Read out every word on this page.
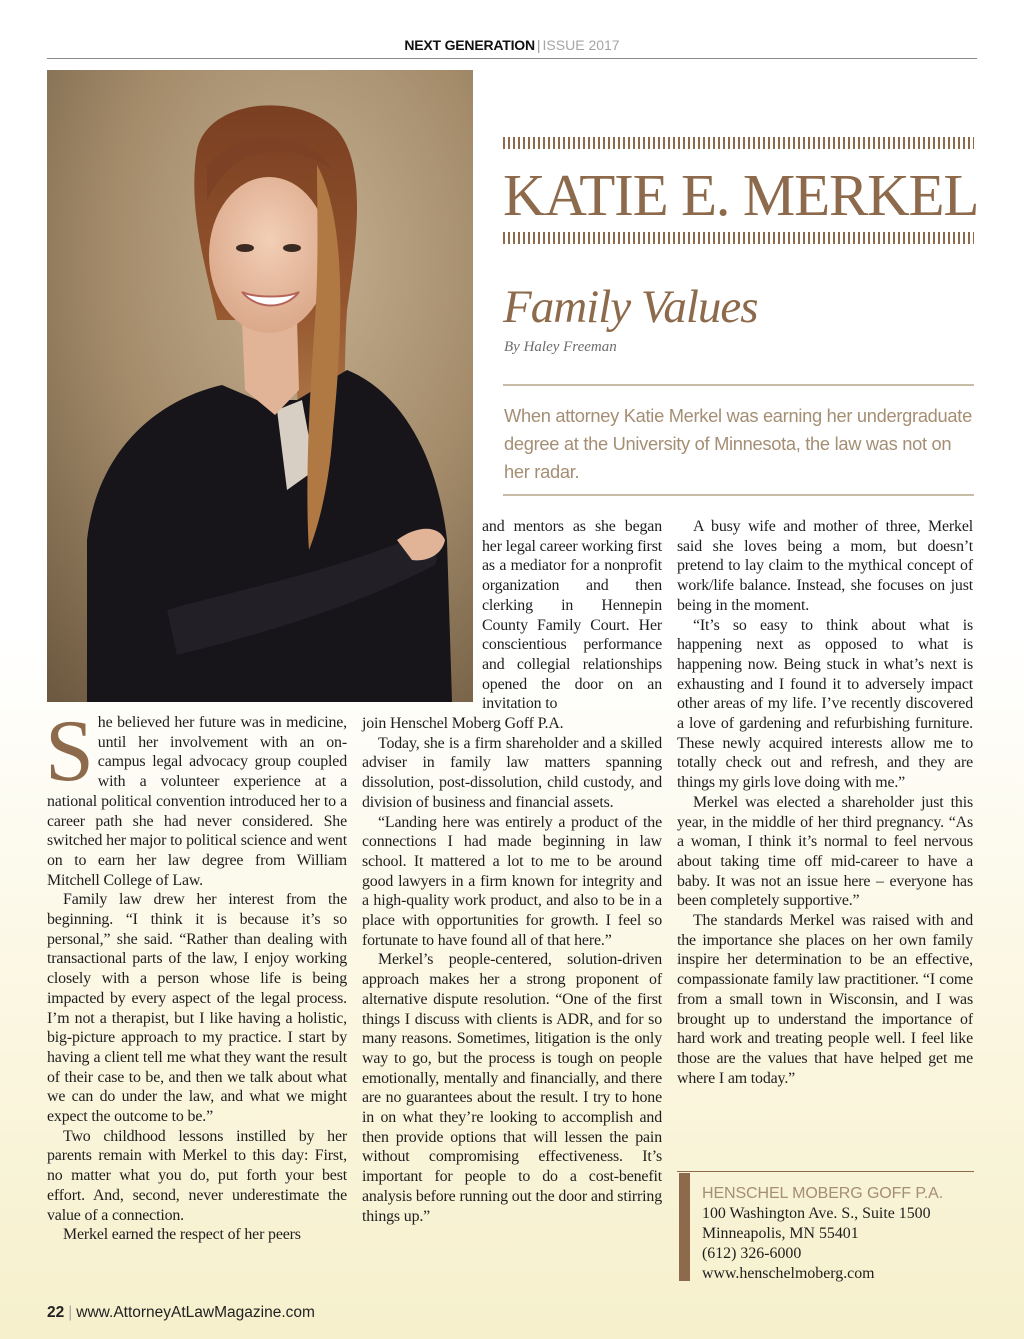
NEXT GENERATION | ISSUE 2017
KATIE E. MERKEL
Family Values
By Haley Freeman

When attorney Katie Merkel was earning her undergraduate degree at the University of Minnesota, the law was not on her radar.

She believed her future was in medicine, until her involvement with an on-campus legal advocacy group coupled with a volunteer experience at a national political convention introduced her to a career path she had never considered. She switched her major to political science and went on to earn her law degree from William Mitchell College of Law.

Family law drew her interest from the beginning. “I think it is because it’s so personal,” she said. “Rather than dealing with transactional parts of the law, I enjoy working closely with a person whose life is being impacted by every aspect of the legal process. I’m not a therapist, but I like having a holistic, big-picture approach to my practice. I start by having a client tell me what they want the result of their case to be, and then we talk about what we can do under the law, and what we might expect the outcome to be.”

Two childhood lessons instilled by her parents remain with Merkel to this day: First, no matter what you do, put forth your best effort. And, second, never underestimate the value of a connection.

Merkel earned the respect of her peers

and mentors as she began her legal career working first as a mediator for a nonprofit organization and then clerking in Hennepin County Family Court. Her conscientious performance and collegial relationships opened the door on an invitation to

join Henschel Moberg Goff P.A.

Today, she is a firm shareholder and a skilled adviser in family law matters spanning dissolution, post-dissolution, child custody, and division of business and financial assets.

“Landing here was entirely a product of the connections I had made beginning in law school. It mattered a lot to me to be around good lawyers in a firm known for integrity and a high-quality work product, and also to be in a place with opportunities for growth. I feel so fortunate to have found all of that here.”

Merkel’s people-centered, solution-driven approach makes her a strong proponent of alternative dispute resolution. “One of the first things I discuss with clients is ADR, and for so many reasons. Sometimes, litigation is the only way to go, but the process is tough on people emotionally, mentally and financially, and there are no guarantees about the result. I try to hone in on what they’re looking to accomplish and then provide options that will lessen the pain without compromising effectiveness. It’s important for people to do a cost-benefit analysis before running out the door and stirring things up.”

A busy wife and mother of three, Merkel said she loves being a mom, but doesn’t pretend to lay claim to the mythical concept of work/life balance. Instead, she focuses on just being in the moment.

“It’s so easy to think about what is happening next as opposed to what is happening now. Being stuck in what’s next is exhausting and I found it to adversely impact other areas of my life. I’ve recently discovered a love of gardening and refurbishing furniture. These newly acquired interests allow me to totally check out and refresh, and they are things my girls love doing with me.”

Merkel was elected a shareholder just this year, in the middle of her third pregnancy. “As a woman, I think it’s normal to feel nervous about taking time off mid-career to have a baby. It was not an issue here – everyone has been completely supportive.”

The standards Merkel was raised with and the importance she places on her own family inspire her determination to be an effective, compassionate family law practitioner. “I come from a small town in Wisconsin, and I was brought up to understand the importance of hard work and treating people well. I feel like those are the values that have helped get me where I am today.”

HENSCHEL MOBERG GOFF P.A.
100 Washington Ave. S., Suite 1500
Minneapolis, MN 55401
(612) 326-6000
www.henschelmoberg.com
22 | www.AttorneyAtLawMagazine.com
